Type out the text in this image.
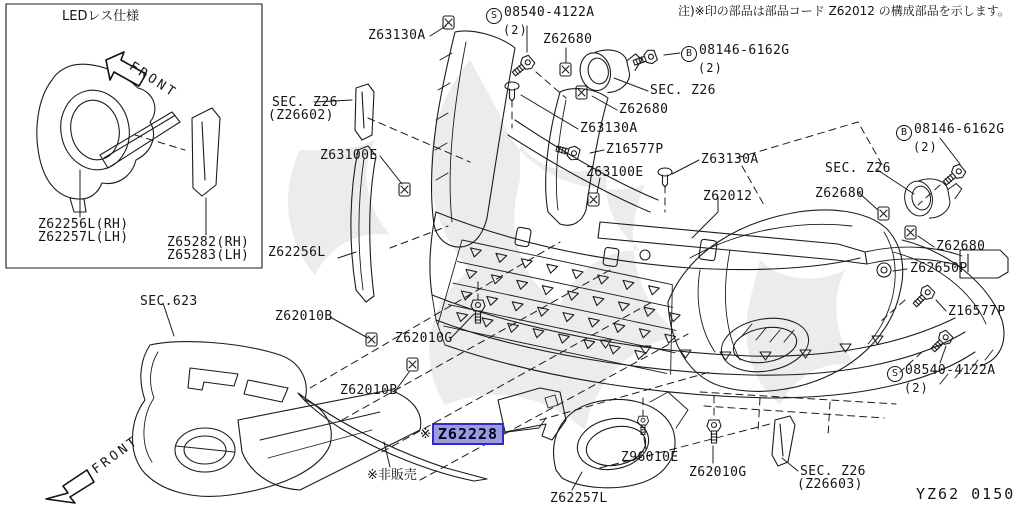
注)※印の部品は部品コード Z62012 の構成部品を示します。
YZ62 0150
LEDレス仕様
FRONT
Z62256L(RH)
Z62257L(LH)	Z65282(RH)
Z65283(LH)
FRONT
S 08540-4122A
(2)
B 08146-6162G
(2)
B 08146-6162G
(2)
S 08540-4122A
(2)
Z63130A	Z62680
SEC. Z26
Z62680
SEC. Z26
(Z26602)
Z63130A
Z16577P
Z63100E
Z63100E
Z63130A
SEC. Z26
Z62012	Z62680
Z62680
Z62650P
Z16577P
SEC.623
Z62010B
Z62010G
Z62010B
Z96010E
Z62010G	SEC. Z26
(Z26603)
Z62257L
Z62256L
※非販売
※ Z62228
